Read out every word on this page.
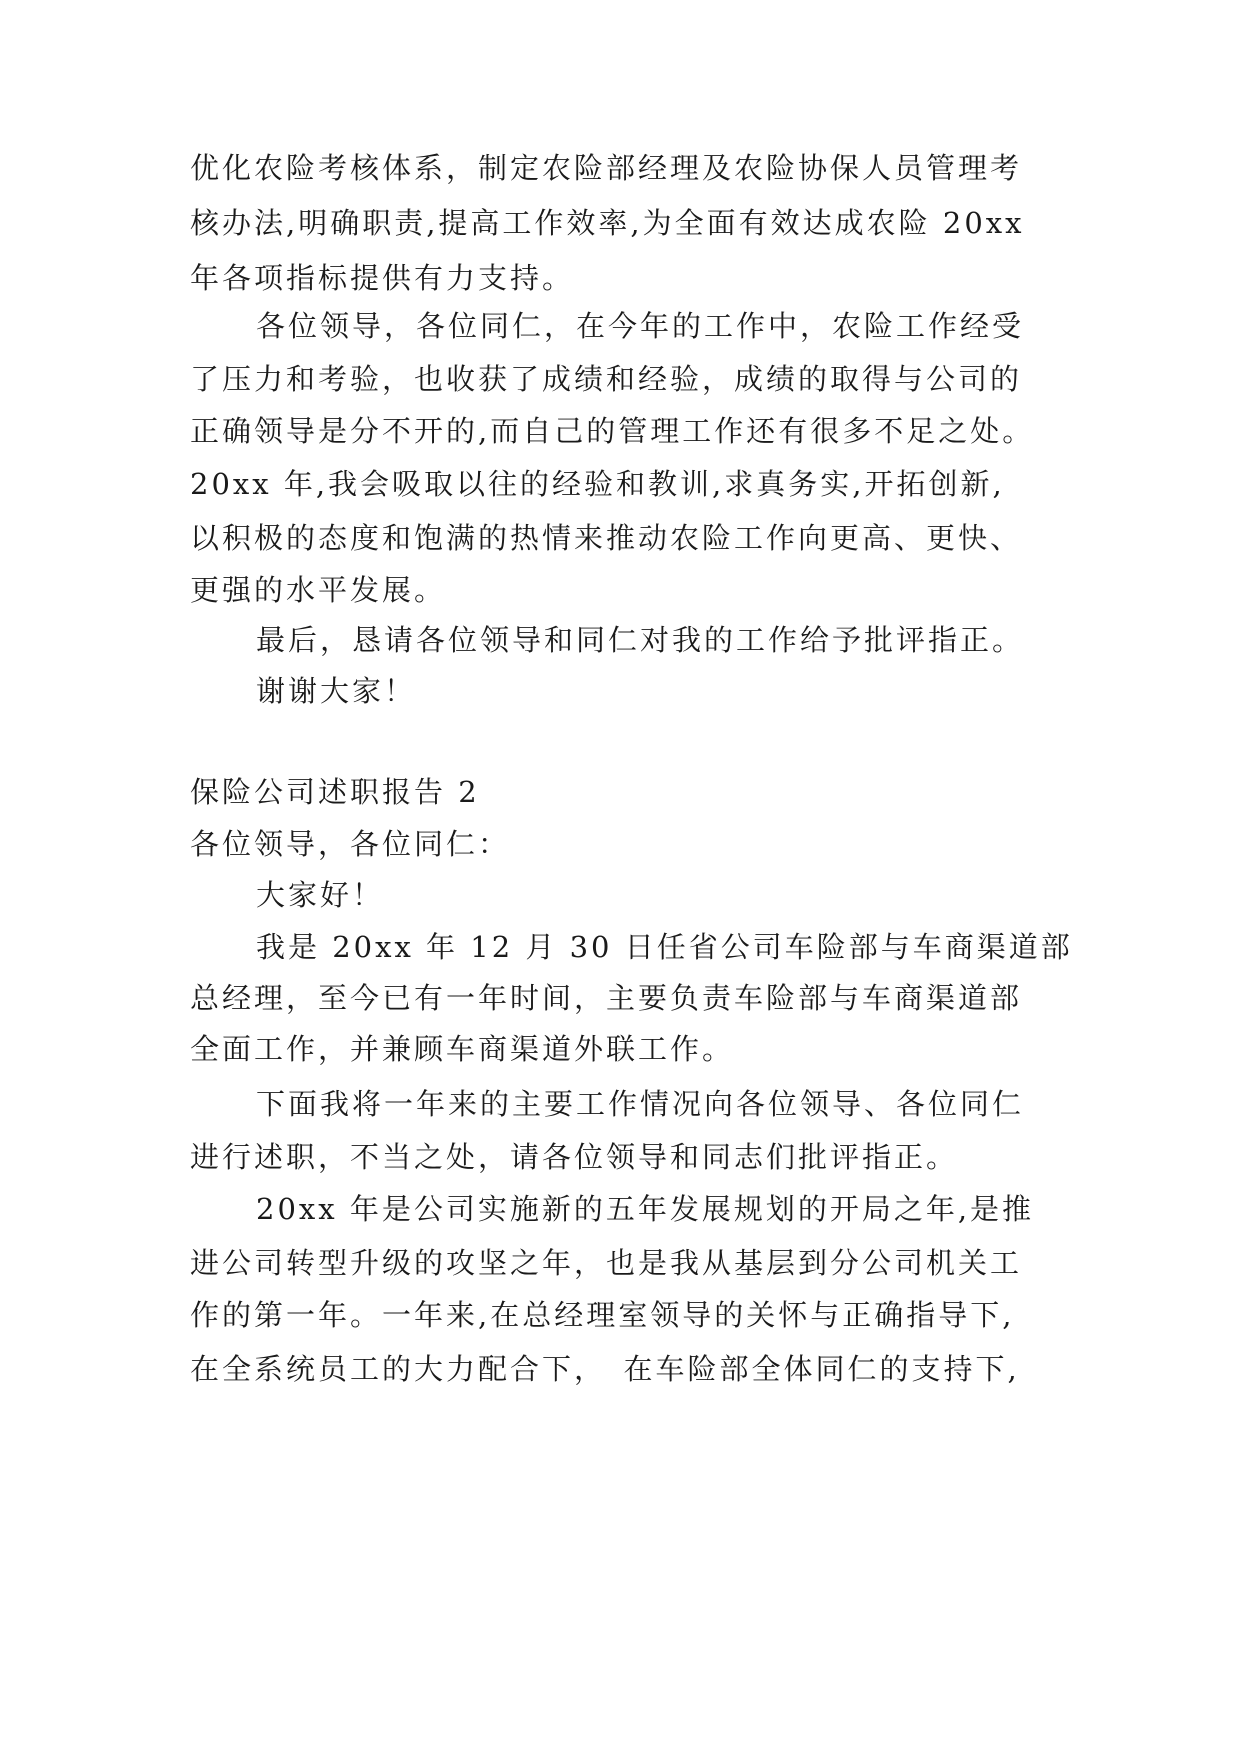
优化农险考核体系，制定农险部经理及农险协保人员管理考
核办法,明确职责,提高工作效率,为全面有效达成农险 20xx
年各项指标提供有力支持。
各位领导，各位同仁，在今年的工作中，农险工作经受
了压力和考验，也收获了成绩和经验，成绩的取得与公司的
正确领导是分不开的,而自己的管理工作还有很多不足之处。
20xx 年,我会吸取以往的经验和教训,求真务实,开拓创新,
以积极的态度和饱满的热情来推动农险工作向更高、更快、
更强的水平发展。
最后，恳请各位领导和同仁对我的工作给予批评指正。
谢谢大家！
保险公司述职报告 2
各位领导，各位同仁：
大家好！
我是 20xx 年 12 月 30 日任省公司车险部与车商渠道部
总经理，至今已有一年时间，主要负责车险部与车商渠道部
全面工作，并兼顾车商渠道外联工作。
下面我将一年来的主要工作情况向各位领导、各位同仁
进行述职，不当之处，请各位领导和同志们批评指正。
20xx 年是公司实施新的五年发展规划的开局之年,是推
进公司转型升级的攻坚之年，也是我从基层到分公司机关工
作的第一年。一年来,在总经理室领导的关怀与正确指导下,
在全系统员工的大力配合下，　在车险部全体同仁的支持下,
